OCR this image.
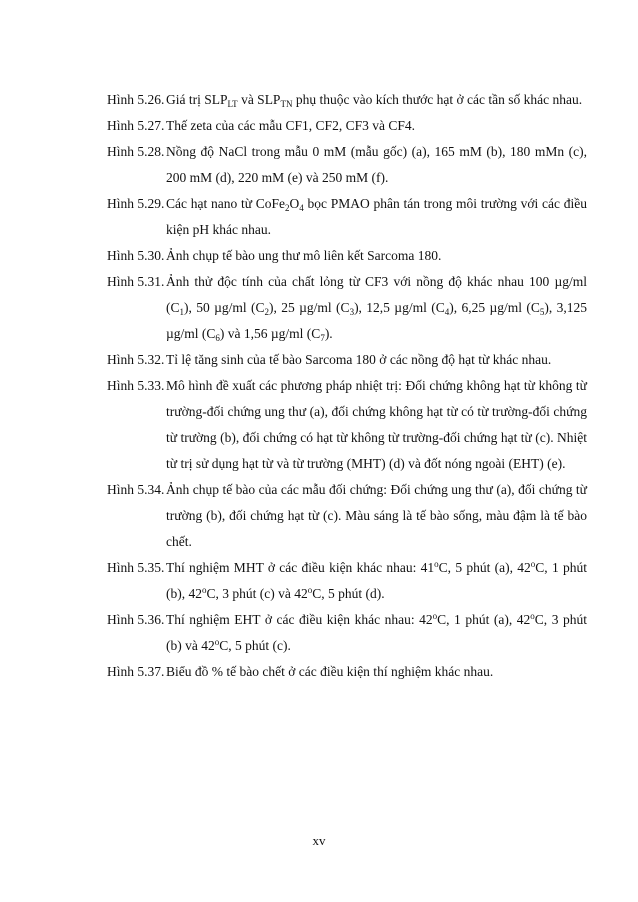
Hình 5.26. Giá trị $SLP_{LT}$ và $SLP_{TN}$ phụ thuộc vào kích thước hạt ở các tần số khác nhau.
Hình 5.27. Thế zeta của các mẫu CF1, CF2, CF3 và CF4.
Hình 5.28. Nồng độ NaCl trong mẫu 0 mM (mẫu gốc) (a), 165 mM (b), 180 mMn (c), 200 mM (d), 220 mM (e) và 250 mM (f).
Hình 5.29. Các hạt nano từ $CoFe_2O_4$ bọc PMAO phân tán trong môi trường với các điều kiện pH khác nhau.
Hình 5.30. Ảnh chụp tế bào ung thư mô liên kết Sarcoma 180.
Hình 5.31. Ảnh thử độc tính của chất lỏng từ CF3 với nồng độ khác nhau 100 µg/ml $(C_1)$, 50 µg/ml $(C_2)$, 25 µg/ml $(C_3)$, 12,5 µg/ml $(C_4)$, 6,25 µg/ml $(C_5)$, 3,125 µg/ml $(C_6)$ và 1,56 µg/ml $(C_7)$.
Hình 5.32. Tỉ lệ tăng sinh của tế bào Sarcoma 180 ở các nồng độ hạt từ khác nhau.
Hình 5.33. Mô hình đề xuất các phương pháp nhiệt trị: Đối chứng không hạt từ không từ trường-đối chứng ung thư (a), đối chứng không hạt từ có từ trường-đối chứng từ trường (b), đối chứng có hạt từ không từ trường-đối chứng hạt từ (c). Nhiệt từ trị sử dụng hạt từ và từ trường (MHT) (d) và đốt nóng ngoài (EHT) (e).
Hình 5.34. Ảnh chụp tế bào của các mẫu đối chứng: Đối chứng ung thư (a), đối chứng từ trường (b), đối chứng hạt từ (c). Màu sáng là tế bào sống, màu đậm là tế bào chết.
Hình 5.35. Thí nghiệm MHT ở các điều kiện khác nhau: 41$^o$C, 5 phút (a), 42$^o$C, 1 phút (b), 42$^o$C, 3 phút (c) và 42$^o$C, 5 phút (d).
Hình 5.36. Thí nghiệm EHT ở các điều kiện khác nhau: 42$^o$C, 1 phút (a), 42$^o$C, 3 phút (b) và 42$^o$C, 5 phút (c).
Hình 5.37. Biểu đồ % tế bào chết ở các điều kiện thí nghiệm khác nhau.
xv
